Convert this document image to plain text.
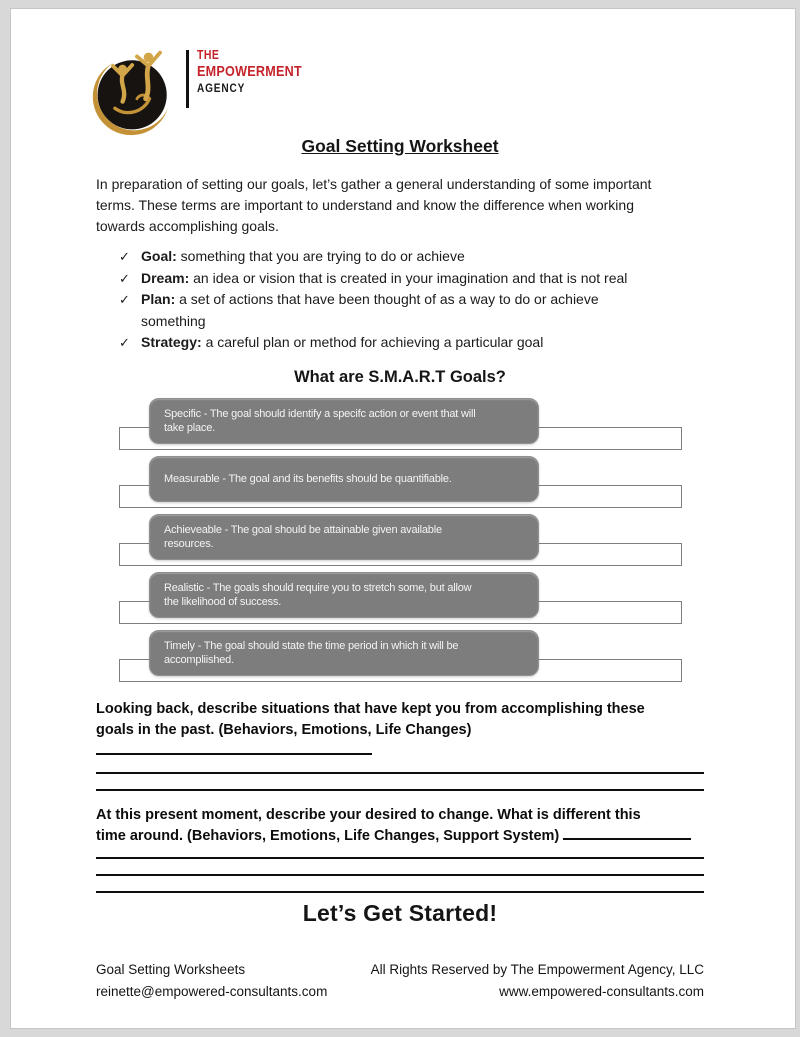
THE
EMPOWERMENT
AGENCY
Goal Setting Worksheet

In preparation of setting our goals, let’s gather a general understanding of some important
terms. These terms are important to understand and know the difference when working
towards accomplishing goals.

✓ Goal: something that you are trying to do or achieve
✓ Dream: an idea or vision that is created in your imagination and that is not real
✓ Plan: a set of actions that have been thought of as a way to do or achieve
something
✓ Strategy: a careful plan or method for achieving a particular goal
What are S.M.A.R.T Goals?
Specific - The goal should identify a specifc action or event that will
take place.
Measurable - The goal and its benefits should be quantifiable.
Achieveable - The goal should be attainable given available
resources.
Realistic - The goals should require you to stretch some, but allow
the likelihood of success.
Timely - The goal should state the time period in which it will be
accompliished.

Looking back, describe situations that have kept you from accomplishing these
goals in the past. (Behaviors, Emotions, Life Changes)

At this present moment, describe your desired to change. What is different this
time around. (Behaviors, Emotions, Life Changes, Support System)

Let’s Get Started!
Goal Setting Worksheets
reinette@empowered-consultants.com
All Rights Reserved by The Empowerment Agency, LLC
www.empowered-consultants.com
